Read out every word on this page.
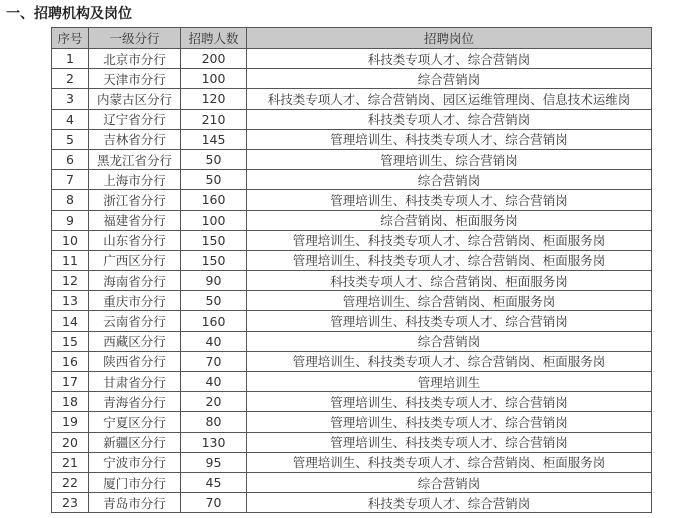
一、招聘机构及岗位
序号	一级分行	招聘人数	招聘岗位
1	北京市分行	200	科技类专项人才、综合营销岗
2	天津市分行	100	综合营销岗
3	内蒙古区分行	120	科技类专项人才、综合营销岗、园区运维管理岗、信息技术运维岗
4	辽宁省分行	210	科技类专项人才、综合营销岗
5	吉林省分行	145	管理培训生、科技类专项人才、综合营销岗
6	黑龙江省分行	50	管理培训生、综合营销岗
7	上海市分行	50	综合营销岗
8	浙江省分行	160	管理培训生、科技类专项人才、综合营销岗
9	福建省分行	100	综合营销岗、柜面服务岗
10	山东省分行	150	管理培训生、科技类专项人才、综合营销岗、柜面服务岗
11	广西区分行	150	管理培训生、科技类专项人才、综合营销岗、柜面服务岗
12	海南省分行	90	科技类专项人才、综合营销岗、柜面服务岗
13	重庆市分行	50	管理培训生、综合营销岗、柜面服务岗
14	云南省分行	160	管理培训生、科技类专项人才、综合营销岗
15	西藏区分行	40	综合营销岗
16	陕西省分行	70	管理培训生、科技类专项人才、综合营销岗、柜面服务岗
17	甘肃省分行	40	管理培训生
18	青海省分行	20	管理培训生、科技类专项人才、综合营销岗
19	宁夏区分行	80	管理培训生、科技类专项人才、综合营销岗
20	新疆区分行	130	管理培训生、科技类专项人才、综合营销岗
21	宁波市分行	95	管理培训生、科技类专项人才、综合营销岗、柜面服务岗
22	厦门市分行	45	综合营销岗
23	青岛市分行	70	科技类专项人才、综合营销岗
